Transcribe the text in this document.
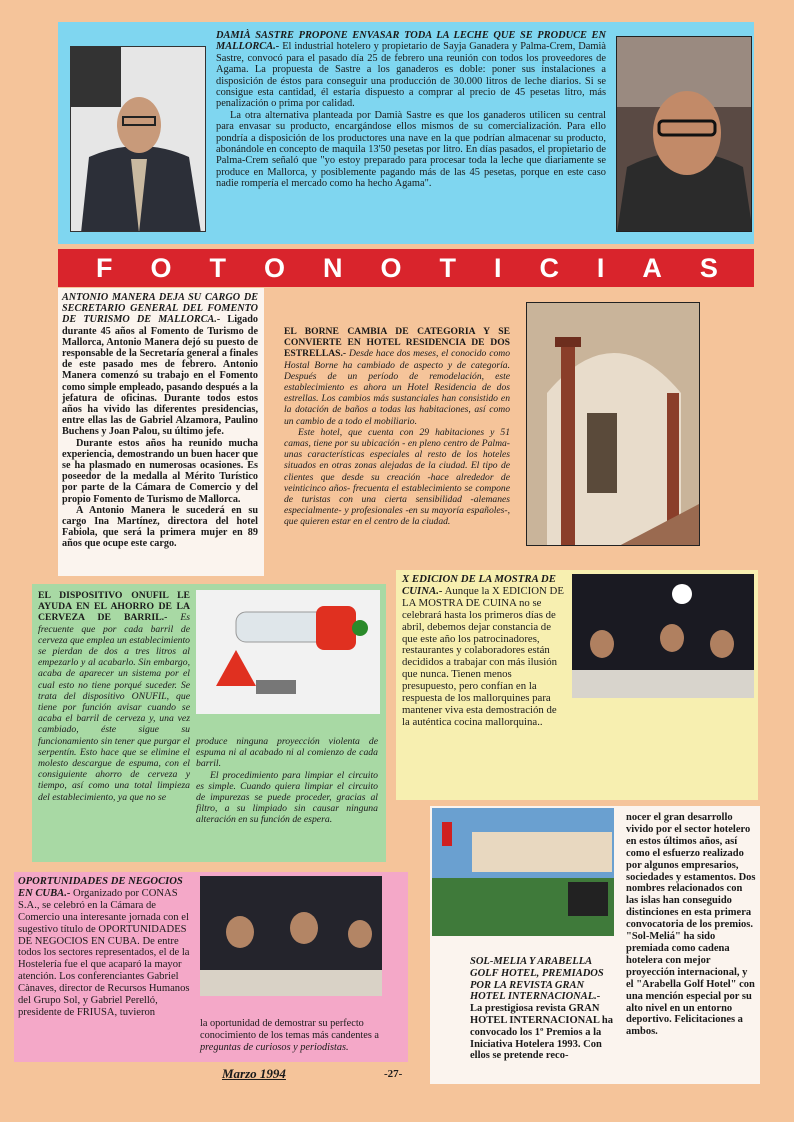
DAMIÀ SASTRE PROPONE ENVASAR TODA LA LECHE QUE SE PRODUCE EN MALLORCA.- El industrial hotelero y propietario de Sayja Ganadera y Palma-Crem, Damià Sastre, convocó para el pasado día 25 de febrero una reunión con todos los proveedores de Agama. La propuesta de Sastre a los ganaderos es doble: poner sus instalaciones a disposición de éstos para conseguir una producción de 30.000 litros de leche diarios. Si se consigue esta cantidad, él estaría dispuesto a comprar al precio de 45 pesetas litro, más penalización o prima por calidad.

La otra alternativa planteada por Damià Sastre es que los ganaderos utilicen su central para envasar su producto, encargándose ellos mismos de su comercialización. Para ello pondría a disposición de los productores una nave en la que podrían almacenar su producto, abonándole en concepto de maquila 13'50 pesetas por litro. En días pasados, el propietario de Palma-Crem señaló que "yo estoy preparado para procesar toda la leche que diariamente se produce en Mallorca, y posiblemente pagando más de las 45 pesetas, porque en este caso nadie rompería el mercado como ha hecho Agama".

F O T O N O T I C I A S

ANTONIO MANERA DEJA SU CARGO DE SECRETARIO GENERAL DEL FOMENTO DE TURISMO DE MALLORCA.- Ligado durante 45 años al Fomento de Turismo de Mallorca, Antonio Manera dejó su puesto de responsable de la Secretaría general a finales de este pasado mes de febrero. Antonio Manera comenzó su trabajo en el Fomento como simple empleado, pasando después a la jefatura de oficinas. Durante todos estos años ha vivido las diferentes presidencias, entre ellas las de Gabriel Alzamora, Paulino Buchens y Joan Palou, su último jefe.

Durante estos años ha reunido mucha experiencia, demostrando un buen hacer que se ha plasmado en numerosas ocasiones. Es poseedor de la medalla al Mérito Turístico por parte de la Cámara de Comercio y del propio Fomento de Turismo de Mallorca.

A Antonio Manera le sucederá en su cargo Ina Martínez, directora del hotel Fabiola, que será la primera mujer en 89 años que ocupe este cargo.

EL BORNE CAMBIA DE CATEGORIA Y SE CONVIERTE EN HOTEL RESIDENCIA DE DOS ESTRELLAS.- Desde hace dos meses, el conocido como Hostal Borne ha cambiado de aspecto y de categoría. Después de un período de remodelación, este establecimiento es ahora un Hotel Residencia de dos estrellas. Los cambios más sustanciales han consistido en la dotación de baños a todas las habitaciones, así como un cambio de a todo el mobiliario.

Este hotel, que cuenta con 29 habitaciones y 51 camas, tiene por su ubicación - en pleno centro de Palma- unas características especiales al resto de los hoteles situados en otras zonas alejadas de la ciudad. El tipo de clientes que desde su creación -hace alrededor de veinticinco años- frecuenta el establecimiento se compone de turistas con una cierta sensibilidad -alemanes especialmente- y profesionales -en su mayoría españoles-, que quieren estar en el centro de la ciudad.

EL DISPOSITIVO ONUFIL LE AYUDA EN EL AHORRO DE LA CERVEZA DE BARRIL.- Es frecuente que por cada barril de cerveza que emplea un establecimiento se pierdan de dos a tres litros al empezarlo y al acabarlo. Sin embargo, acaba de aparecer un sistema por el cual esto no tiene porqué suceder. Se trata del dispositivo ONUFIL, que tiene por función avisar cuando se acaba el barril de cerveza y, una vez cambiado, éste sigue su funcionamiento sin tener que purgar el serpentín. Esto hace que se elimine el molesto descargue de espuma, con el consiguiente ahorro de cerveza y tiempo, así como una total limpieza del establecimiento, ya que no se

produce ninguna proyección violenta de espuma ni al acabado ni al comienzo de cada barril.

El procedimiento para limpiar el circuito es simple. Cuando quiera limpiar el circuito de impurezas se puede proceder, gracias al filtro, a su limpiado sin causar ninguna alteración en su función de espera.

X EDICION DE LA MOSTRA DE CUINA.- Aunque la X EDICION DE LA MOSTRA DE CUINA no se celebrará hasta los primeros días de abril, debemos dejar constancia de que este año los patrocinadores, restaurantes y colaboradores están decididos a trabajar con más ilusión que nunca. Tienen menos presupuesto, pero confían en la respuesta de los mallorquines para mantener viva esta demostración de la auténtica cocina mallorquina..

OPORTUNIDADES DE NEGOCIOS EN CUBA.- Organizado por CONAS S.A., se celebró en la Cámara de Comercio una interesante jornada con el sugestivo título de OPORTUNIDADES DE NEGOCIOS EN CUBA. De entre todos los sectores representados, el de la Hostelería fue el que acaparó la mayor atención. Los conferenciantes Gabriel Cànaves, director de Recursos Humanos del Grupo Sol, y Gabriel Perelló, presidente de FRIUSA, tuvieron

la oportunidad de demostrar su perfecto conocimiento de los temas más candentes a preguntas de curiosos y periodistas.

SOL-MELIA Y ARABELLA GOLF HOTEL, PREMIADOS POR LA REVISTA GRAN HOTEL INTERNACIONAL.- La prestigiosa revista GRAN HOTEL INTERNACIONAL ha convocado los 1º Premios a la Iniciativa Hotelera 1993. Con ellos se pretende reco-

nocer el gran desarrollo vivido por el sector hotelero en estos últimos años, así como el esfuerzo realizado por algunos empresarios, sociedades y estamentos. Dos nombres relacionados con las islas han conseguido distinciones en esta primera convocatoria de los premios. "Sol-Meliá" ha sido premiada como cadena hotelera con mejor proyección internacional, y el "Arabella Golf Hotel" con una mención especial por su alto nivel en un entorno deportivo. Felicitaciones a ambos.

Marzo 1994	-27-
